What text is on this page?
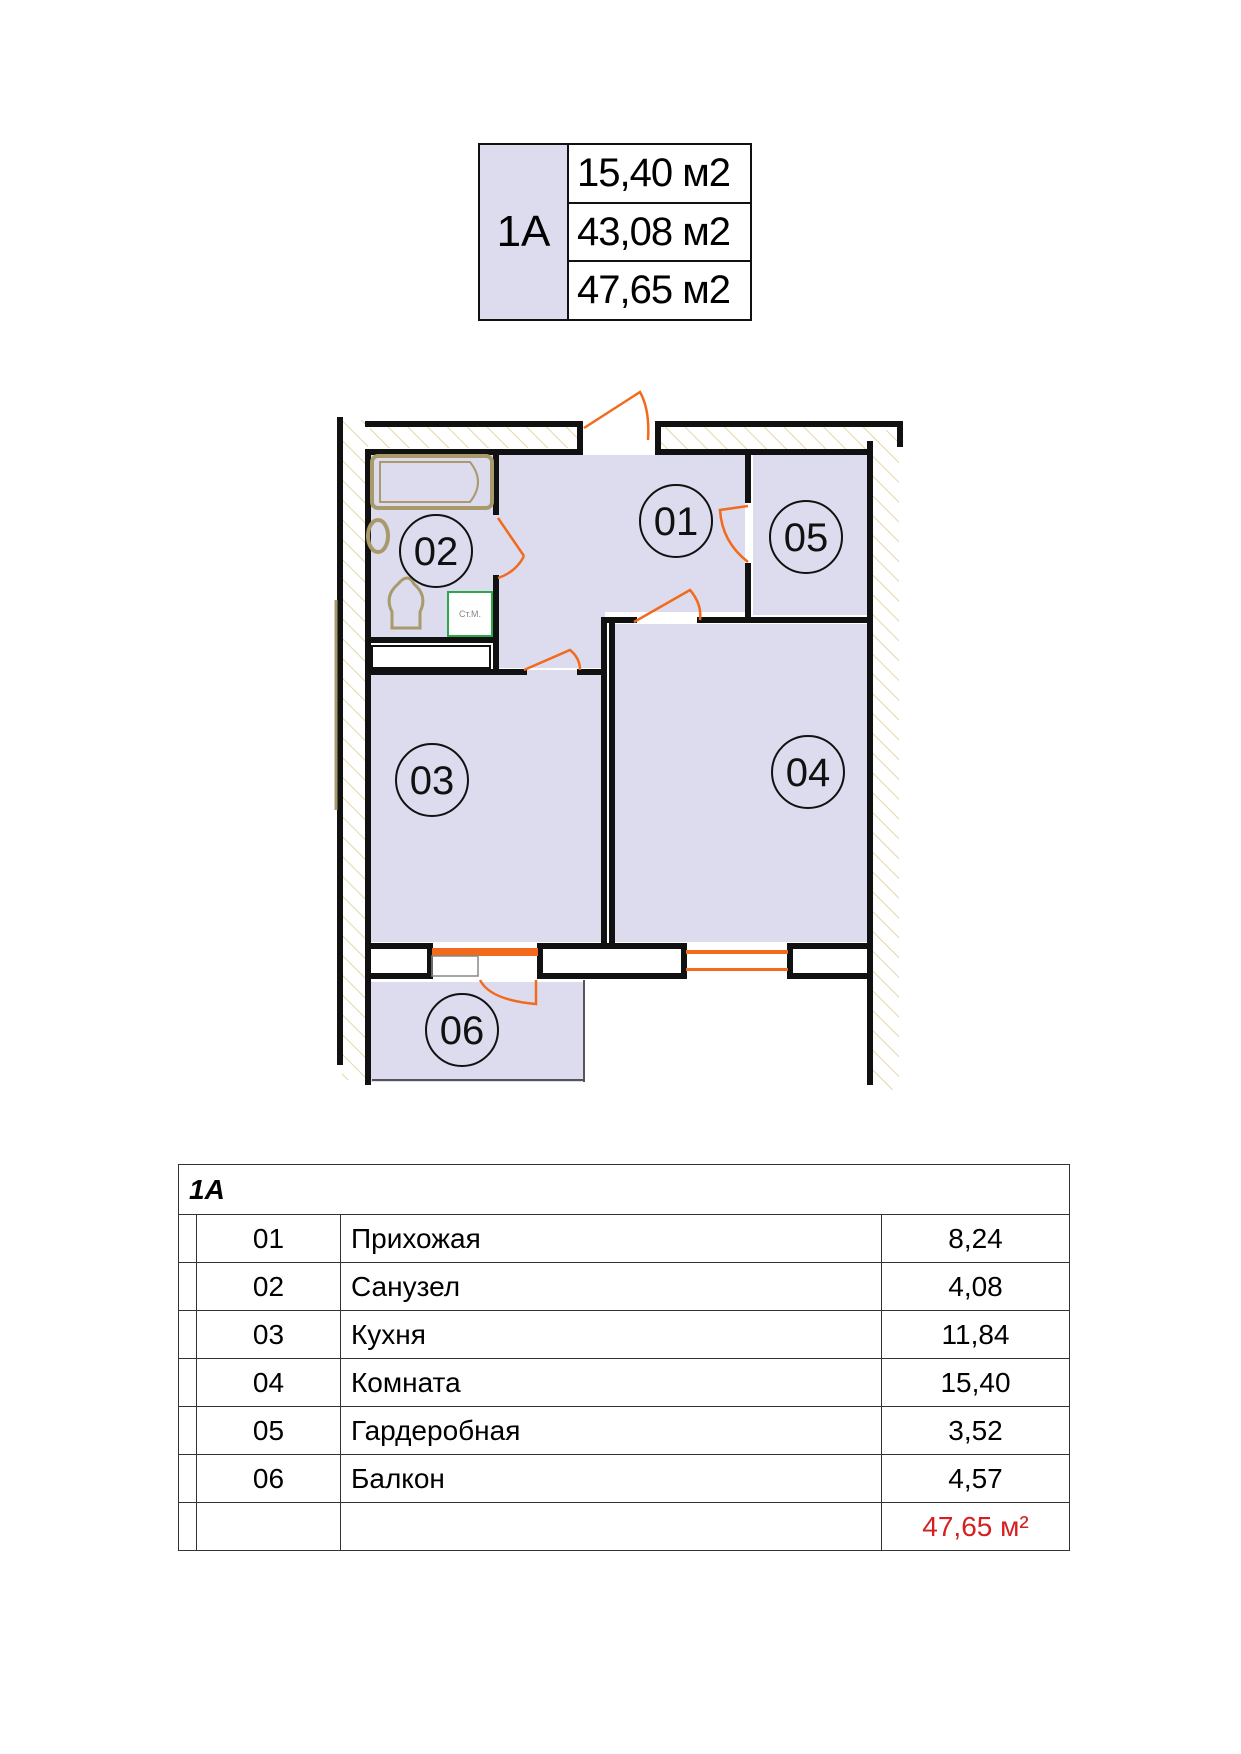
1A
15,40 м2
43,08 м2
47,65 м2
Ст.М.
01
02
03	04
05
06
1A			
	01	Прихожая	8,24
	02	Санузел	4,08
	03	Кухня	11,84
	04	Комната	15,40
	05	Гардеробная	3,52
	06	Балкон	4,57
			47,65 м²
